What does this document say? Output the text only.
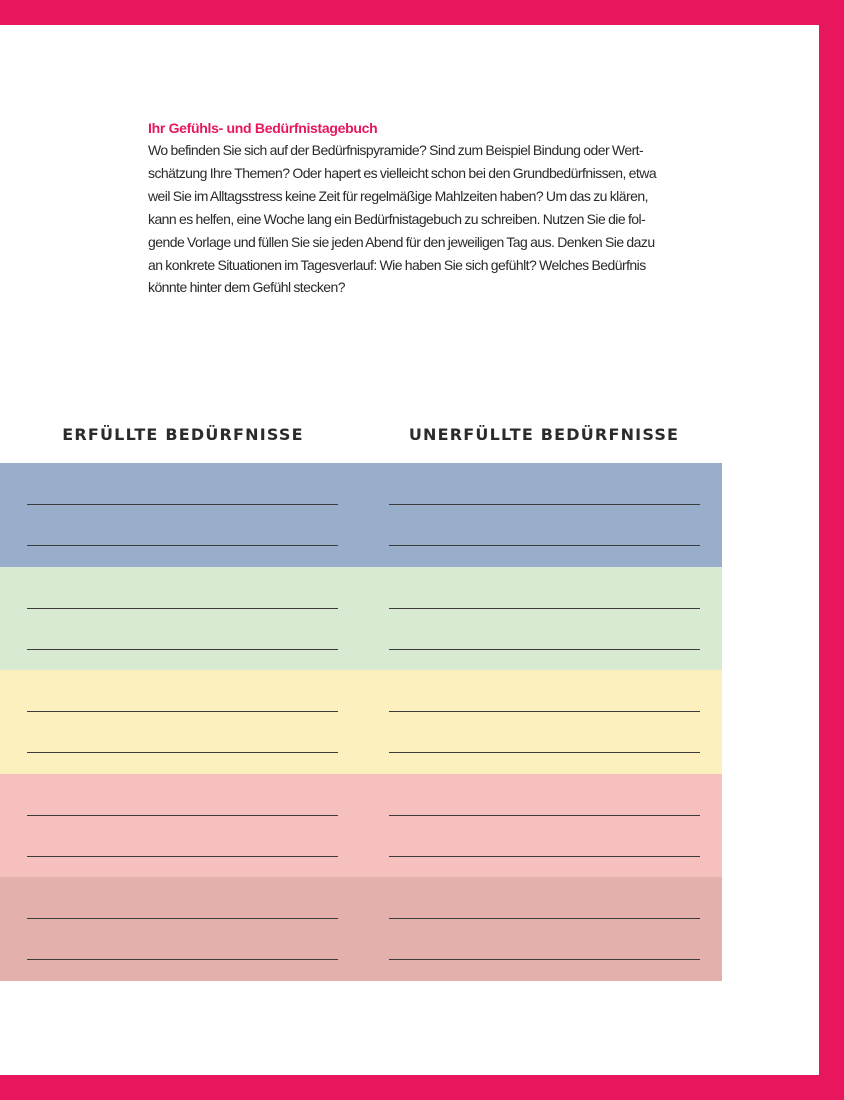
Ihr Gefühls- und Bedürfnistagebuch

Wo befinden Sie sich auf der Bedürfnispyramide? Sind zum Beispiel Bindung oder Wert-
schätzung Ihre Themen? Oder hapert es vielleicht schon bei den Grundbedürfnissen, etwa
weil Sie im Alltagsstress keine Zeit für regelmäßige Mahlzeiten haben? Um das zu klären,
kann es helfen, eine Woche lang ein Bedürfnistagebuch zu schreiben. Nutzen Sie die fol-
gende Vorlage und füllen Sie sie jeden Abend für den jeweiligen Tag aus. Denken Sie dazu
an konkrete Situationen im Tagesverlauf: Wie haben Sie sich gefühlt? Welches Bedürfnis
könnte hinter dem Gefühl stecken?

ERFÜLLTE BEDÜRFNISSE	UNERFÜLLTE BEDÜRFNISSE
